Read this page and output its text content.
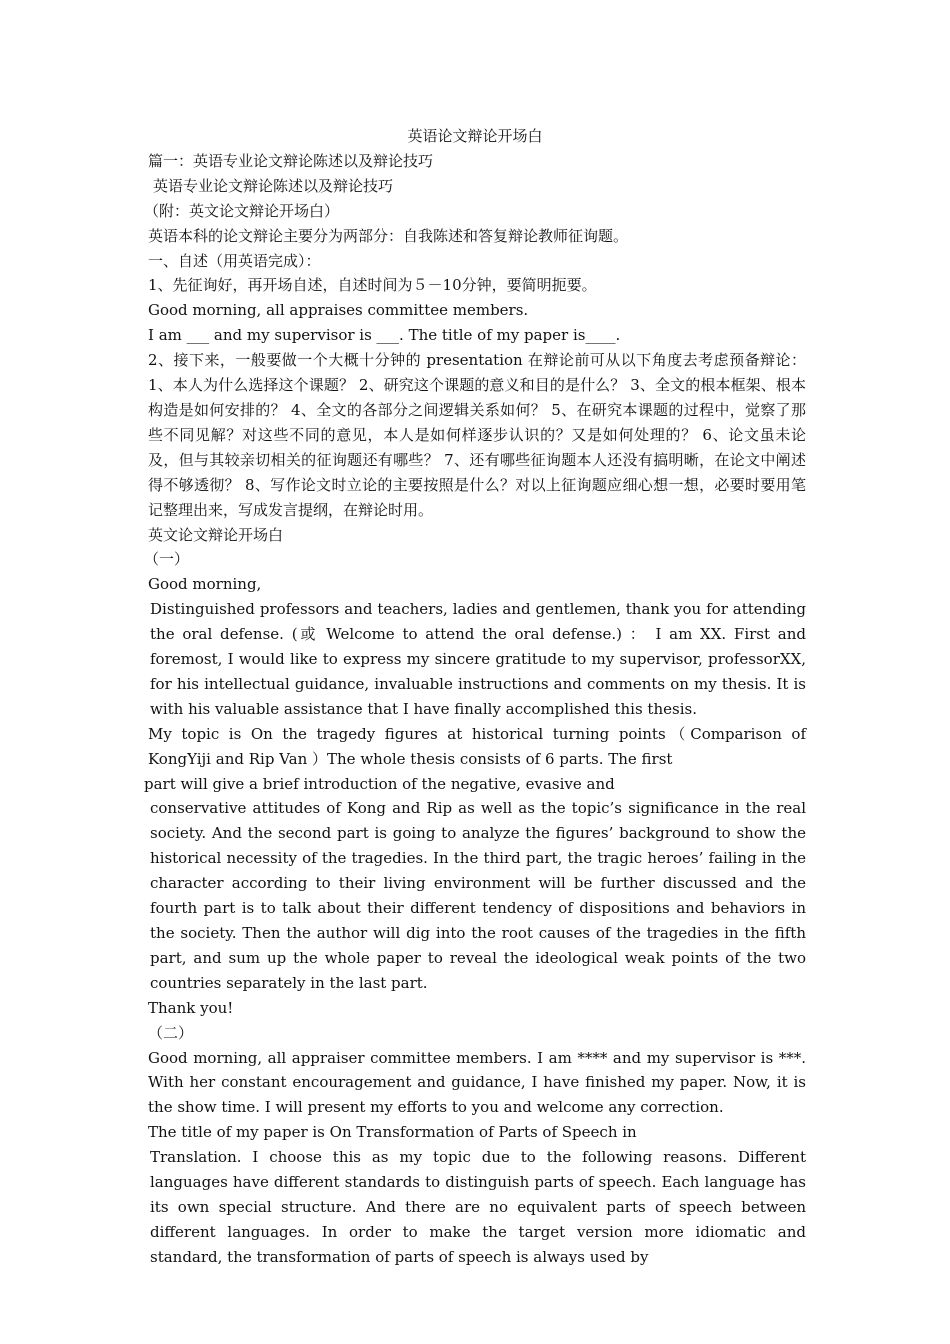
英语论文辩论开场白

篇一：英语专业论文辩论陈述以及辩论技巧

英语专业论文辩论陈述以及辩论技巧

（附：英文论文辩论开场白）

英语本科的论文辩论主要分为两部分：自我陈述和答复辩论教师征询题。

一、自述（用英语完成）：

1、先征询好，再开场自述，自述时间为５－10分钟，要简明扼要。

Good morning, all appraises committee members.

I am ___ and my supervisor is ___. The title of my paper is____.

2、接下来，一般要做一个大概十分钟的 presentation 在辩论前可从以下角度去考虑预备辩论： 1、本人为什么选择这个课题？ 2、研究这个课题的意义和目的是什么？ 3、全文的根本框架、根本构造是如何安排的？ 4、全文的各部分之间逻辑关系如何？ 5、在研究本课题的过程中，觉察了那些不同见解？对这些不同的意见，本人是如何样逐步认识的？又是如何处理的？ 6、论文虽未论及，但与其较亲切相关的征询题还有哪些？ 7、还有哪些征询题本人还没有搞明晰，在论文中阐述得不够透彻？ 8、写作论文时立论的主要按照是什么？对以上征询题应细心想一想，必要时要用笔记整理出来，写成发言提纲，在辩论时用。

英文论文辩论开场白

（一）

Good morning,

Distinguished professors and teachers, ladies and gentlemen, thank you for attending the oral defense. (或 Welcome to attend the oral defense.) ： I am XX. First and foremost, I would like to express my sincere gratitude to my supervisor, professorXX, for his intellectual guidance, invaluable instructions and comments on my thesis. It is with his valuable assistance that I have finally accomplished this thesis.

My topic is On the tragedy figures at historical turning points（Comparison of KongYiji and Rip Van ）The whole thesis consists of 6 parts. The first

part will give a brief introduction of the negative, evasive and

conservative attitudes of Kong and Rip as well as the topic’s significance in the real society. And the second part is going to analyze the figures’ background to show the historical necessity of the tragedies. In the third part, the tragic heroes’ failing in the character according to their living environment will be further discussed and the fourth part is to talk about their different tendency of dispositions and behaviors in the society. Then the author will dig into the root causes of the tragedies in the fifth part, and sum up the whole paper to reveal the ideological weak points of the two countries separately in the last part.

Thank you!

（二）

Good morning, all appraiser committee members. I am **** and my supervisor is ***. With her constant encouragement and guidance, I have finished my paper. Now, it is the show time. I will present my efforts to you and welcome any correction.

The title of my paper is On Transformation of Parts of Speech in

Translation. I choose this as my topic due to the following reasons. Different languages have different standards to distinguish parts of speech. Each language has its own special structure. And there are no equivalent parts of speech between different languages. In order to make the target version more idiomatic and standard, the transformation of parts of speech is always used by
